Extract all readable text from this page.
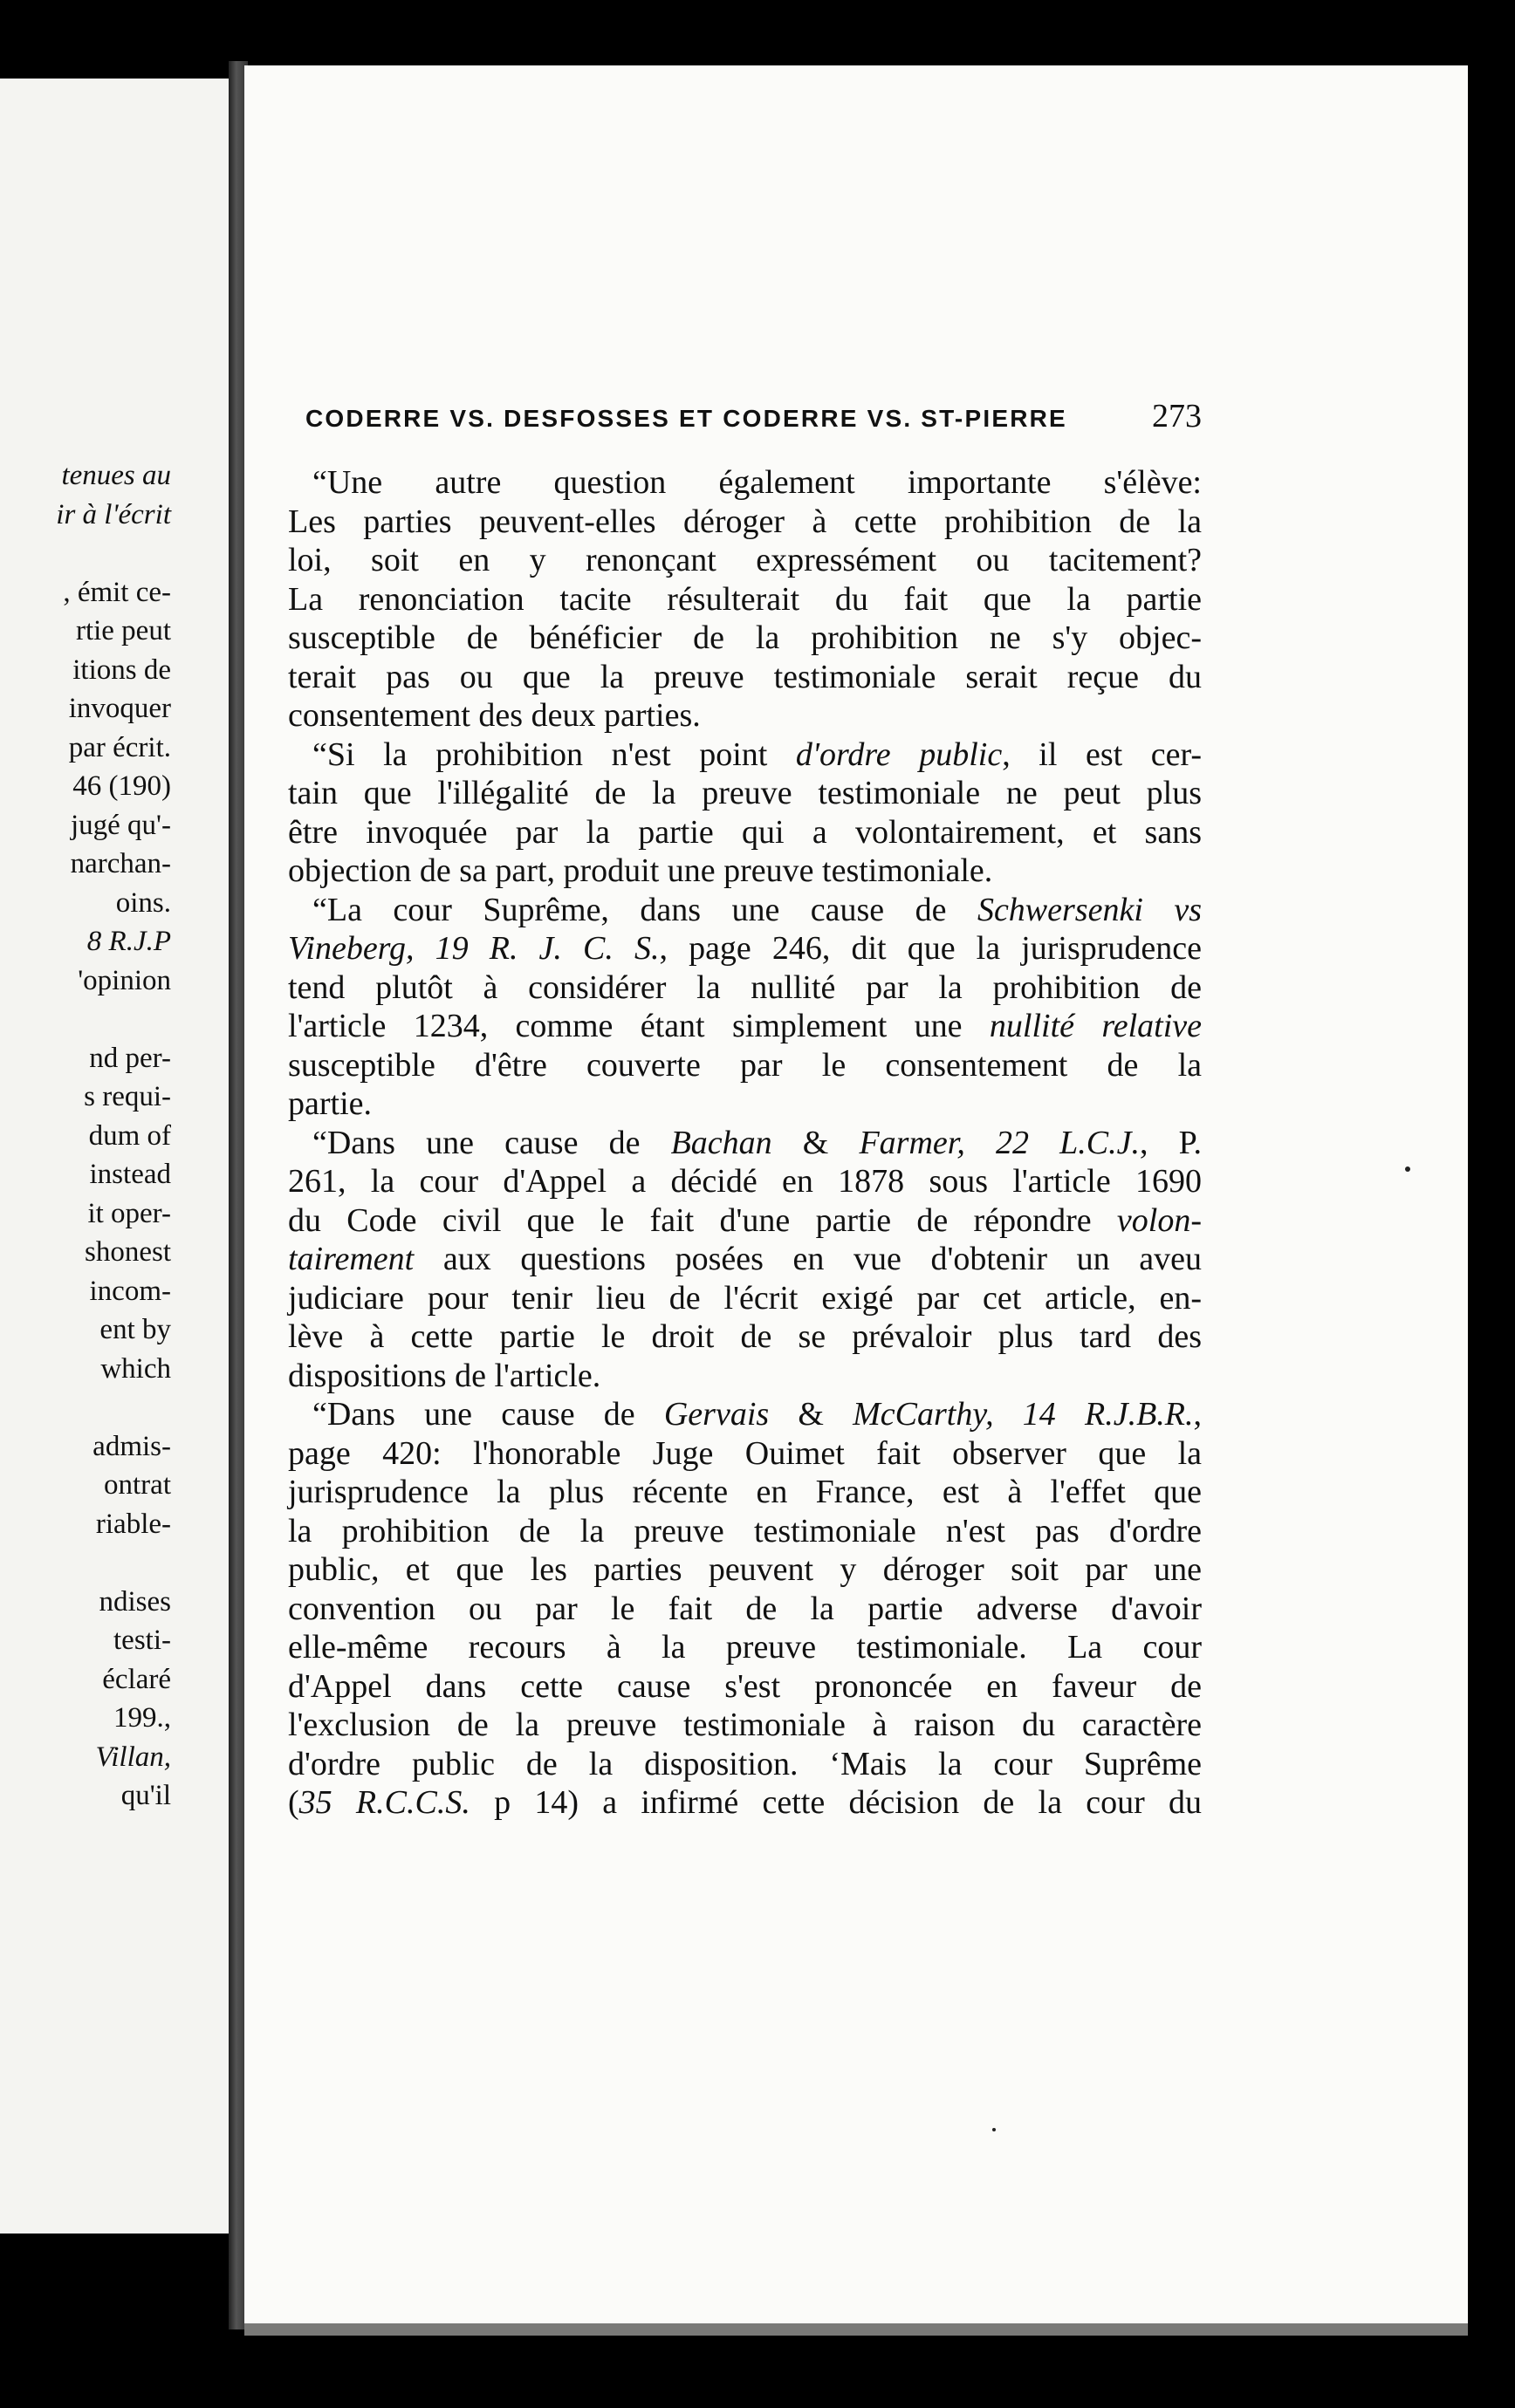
tenues au
ir à l'écrit
, émit ce-
rtie peut
itions de
invoquer
par écrit.
46 (190)
jugé qu'-
narchan-
oins.
8 R.J.P
'opinion
nd per-
s requi-
dum of
instead
it oper-
shonest
incom-
ent by
which
admis-
ontrat
riable-
ndises
testi-
éclaré
199.,
Villan,
qu'il
CODERRE VS. DESFOSSES ET CODERRE VS. ST-PIERRE	273
“Une autre question également importante s'élève:
Les parties peuvent-elles déroger à cette prohibition de la
loi, soit en y renonçant expressément ou tacitement?
La renonciation tacite résulterait du fait que la partie
susceptible de bénéficier de la prohibition ne s'y objec-
terait pas ou que la preuve testimoniale serait reçue du
consentement des deux parties.
“Si la prohibition n'est point d'ordre public, il est cer-
tain que l'illégalité de la preuve testimoniale ne peut plus
être invoquée par la partie qui a volontairement, et sans
objection de sa part, produit une preuve testimoniale.
“La cour Suprême, dans une cause de Schwersenki vs
Vineberg, 19 R. J. C. S., page 246, dit que la jurisprudence
tend plutôt à considérer la nullité par la prohibition de
l'article 1234, comme étant simplement une nullité relative
susceptible d'être couverte par le consentement de la
partie.
“Dans une cause de Bachan & Farmer, 22 L.C.J., P.
261, la cour d'Appel a décidé en 1878 sous l'article 1690
du Code civil que le fait d'une partie de répondre volon-
tairement aux questions posées en vue d'obtenir un aveu
judiciare pour tenir lieu de l'écrit exigé par cet article, en-
lève à cette partie le droit de se prévaloir plus tard des
dispositions de l'article.
“Dans une cause de Gervais & McCarthy, 14 R.J.B.R.,
page 420: l'honorable Juge Ouimet fait observer que la
jurisprudence la plus récente en France, est à l'effet que
la prohibition de la preuve testimoniale n'est pas d'ordre
public, et que les parties peuvent y déroger soit par une
convention ou par le fait de la partie adverse d'avoir
elle-même recours à la preuve testimoniale. La cour
d'Appel dans cette cause s'est prononcée en faveur de
l'exclusion de la preuve testimoniale à raison du caractère
d'ordre public de la disposition. ‘Mais la cour Suprême
(35 R.C.C.S. p 14) a infirmé cette décision de la cour du
